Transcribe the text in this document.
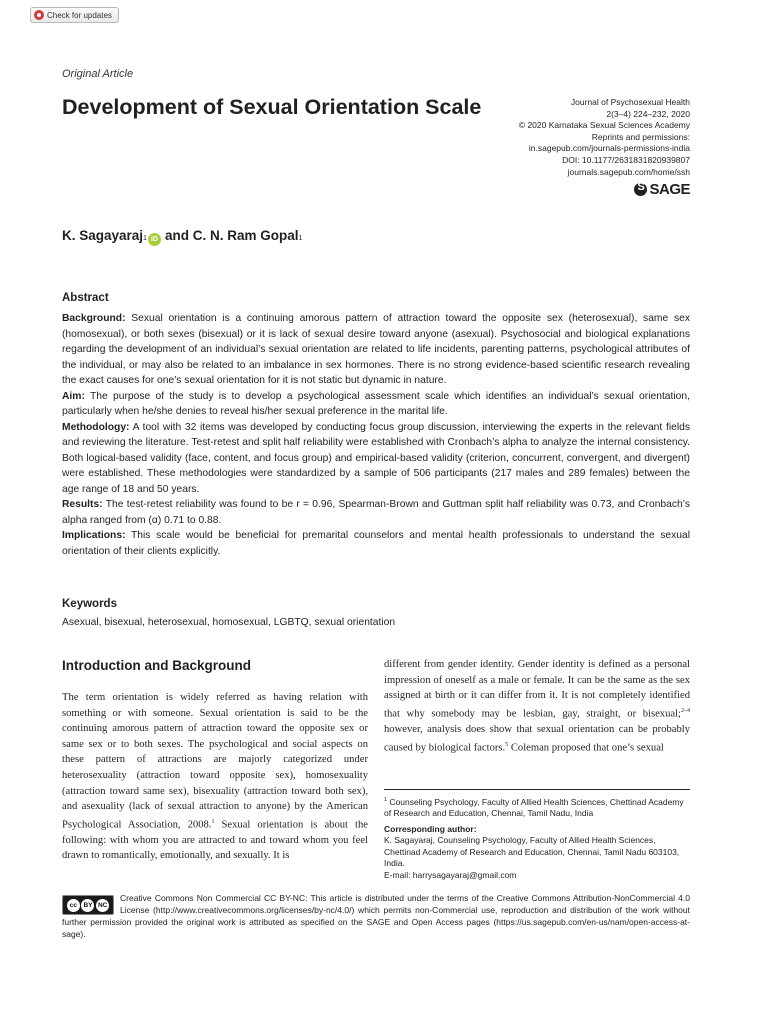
Check for updates
Original Article
Development of Sexual Orientation Scale	Journal of Psychosexual Health
2(3–4) 224–232, 2020
© 2020 Karnataka Sexual Sciences Academy
Reprints and permissions:
in.sagepub.com/journals-permissions-india
DOI: 10.1177/2631831820939807
journals.sagepub.com/home/ssh
S
SAGE
K. Sagayaraj$_1$ iD and
C. N. Ram Gopal$_1$
Abstract
Background: Sexual orientation is a continuing amorous pattern of attraction toward the opposite sex (heterosexual), same sex (homosexual), or both sexes (bisexual) or it is lack of sexual desire toward anyone (asexual). Psychosocial and biological explanations regarding the development of an individual’s sexual orientation are related to life incidents, parenting patterns, psychological attributes of the individual, or may also be related to an imbalance in sex hormones. There is no strong evidence-based scientific research revealing the exact causes for one’s sexual orientation for it is not static but dynamic in nature.
Aim: The purpose of the study is to develop a psychological assessment scale which identifies an individual’s sexual orientation, particularly when he/she denies to reveal his/her sexual preference in the marital life.
Methodology: A tool with 32 items was developed by conducting focus group discussion, interviewing the experts in the relevant fields and reviewing the literature. Test-retest and split half reliability were established with Cronbach’s alpha to analyze the internal consistency. Both logical-based validity (face, content, and focus group) and empirical-based validity (criterion, concurrent, convergent, and divergent) were established. These methodologies were standardized by a sample of 506 participants (217 males and 289 females) between the age range of 18 and 50 years.
Results: The test-retest reliability was found to be r = 0.96, Spearman-Brown and Guttman split half reliability was 0.73, and Cronbach’s alpha ranged from (α) 0.71 to 0.88.
Implications: This scale would be beneficial for premarital counselors and mental health professionals to understand the sexual orientation of their clients explicitly.
Keywords
Asexual, bisexual, heterosexual, homosexual, LGBTQ, sexual orientation
Introduction and Background
The term orientation is widely referred as having relation with something or with someone. Sexual orientation is said to be the continuing amorous pattern of attraction toward the opposite sex or same sex or to both sexes. The psychological and social aspects on these pattern of attractions are majorly categorized under heterosexuality (attraction toward opposite sex), homosexuality (attraction toward same sex), bisexuality (attraction toward both sex), and asexuality (lack of sexual attraction to anyone) by the American Psychological Association, 2008.$^1$ Sexual orientation is about the following: with whom you are attracted to and toward whom you feel drawn to romantically, emotionally, and sexually. It is
different from gender identity. Gender identity is defined as a personal impression of oneself as a male or female. It can be the same as the sex assigned at birth or it can differ from it. It is not completely identified that why somebody may be lesbian, gay, straight, or bisexual;$^{2-4}$ however, analysis does show that sexual orientation can be probably caused by biological factors.$^5$ Coleman proposed that one’s sexual
$^1$ Counseling Psychology, Faculty of Allied Health Sciences, Chettinad Academy of Research and Education, Chennai, Tamil Nadu, India
Corresponding author:
K. Sagayaraj, Counseling Psychology, Faculty of Allied Health Sciences, Chettinad Academy of Research and Education, Chennai, Tamil Nadu 603103, India.
E-mail: harrysagayaraj@gmail.com
cc	BY NC
Creative Commons Non Commercial CC BY-NC: This article is distributed under the terms of the Creative Commons Attribution-NonCommercial 4.0 License (http://www.creativecommons.org/licenses/by-nc/4.0/) which permits non-Commercial use, reproduction and distribution of the work without further permission provided the original work is attributed as specified on the SAGE and Open Access pages (https://us.sagepub.com/en-us/nam/open-access-at-sage).
